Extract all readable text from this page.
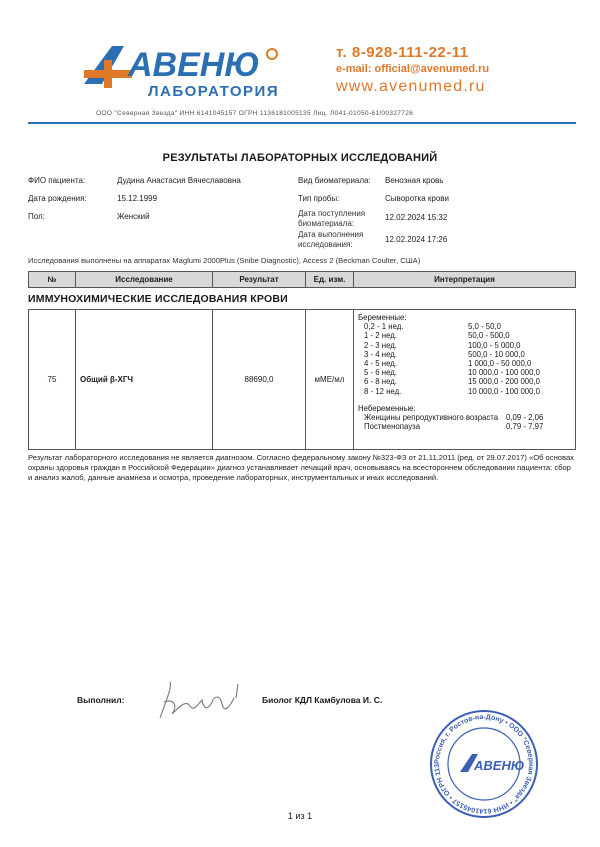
АВЕНЮ
ЛАБОРАТОРИЯ
т. 8-928-111-22-11
e-mail: official@avenumed.ru
www.avenumed.ru
ООО "Северная Звезда" ИНН 6141045157 ОГРН 1136181005135 Лиц. Л041-01050-61/00327726
РЕЗУЛЬТАТЫ ЛАБОРАТОРНЫХ ИССЛЕДОВАНИЙ
ФИО пациента:	Дудина Анастасия Вячеславовна
Дата рождения:	15.12.1999
Пол:	Женский
Вид биоматериала: Венозная кровь
Тип пробы:	Сыворотка крови
Дата поступления
биоматериала:
12.02.2024 15:32
Дата выполнения
исследования:
12.02.2024 17:26
Исследования выполнены на аппаратах Maglumi 2000Plus (Snibe Diagnostic), Access 2 (Beckman Coulter, США)
№	Исследование	Результат	Ед. изм.	Интерпретация
ИММУНОХИМИЧЕСКИЕ ИССЛЕДОВАНИЯ КРОВИ
75	Общий β-ХГЧ	88690,0	мМЕ/мл
Беременные:
0,2 - 1 нед.	5,0 - 50,0
1 - 2 нед.	50,0 - 500,0
2 - 3 нед.	100,0 - 5 000,0
3 - 4 нед.	500,0 - 10 000,0
4 - 5 нед.	1 000,0 - 50 000,0
5 - 6 нед.	10 000,0 - 100 000,0
6 - 8 нед.	15 000,0 - 200 000,0
8 - 12 нед.	10 000,0 - 100 000,0
Небеременные:
Женщины репродуктивного возраста	0,09 - 2,06
Постменопауза	0,79 - 7,97
Результат лабораторного исследования не является диагнозом. Согласно федеральному закону №323-ФЗ от 21.11.2011 (ред. от 29.07.2017) «Об основах охраны здоровья граждан в Российской Федерации» диагноз устанавливает лечащий врач, основываясь на всестороннем обследовании пациента: сбор и анализ жалоб, данные анамнеза и осмотра, проведение лабораторных, инструментальных и иных исследований.
Выполнил:	Биолог КДЛ Камбулова И. С.
Россия, г. Ростов-на-Дону • ООО "Северная Звезда" • ИНН 6141045157 • ОГРН 113	АВЕНЮ
1 из 1
